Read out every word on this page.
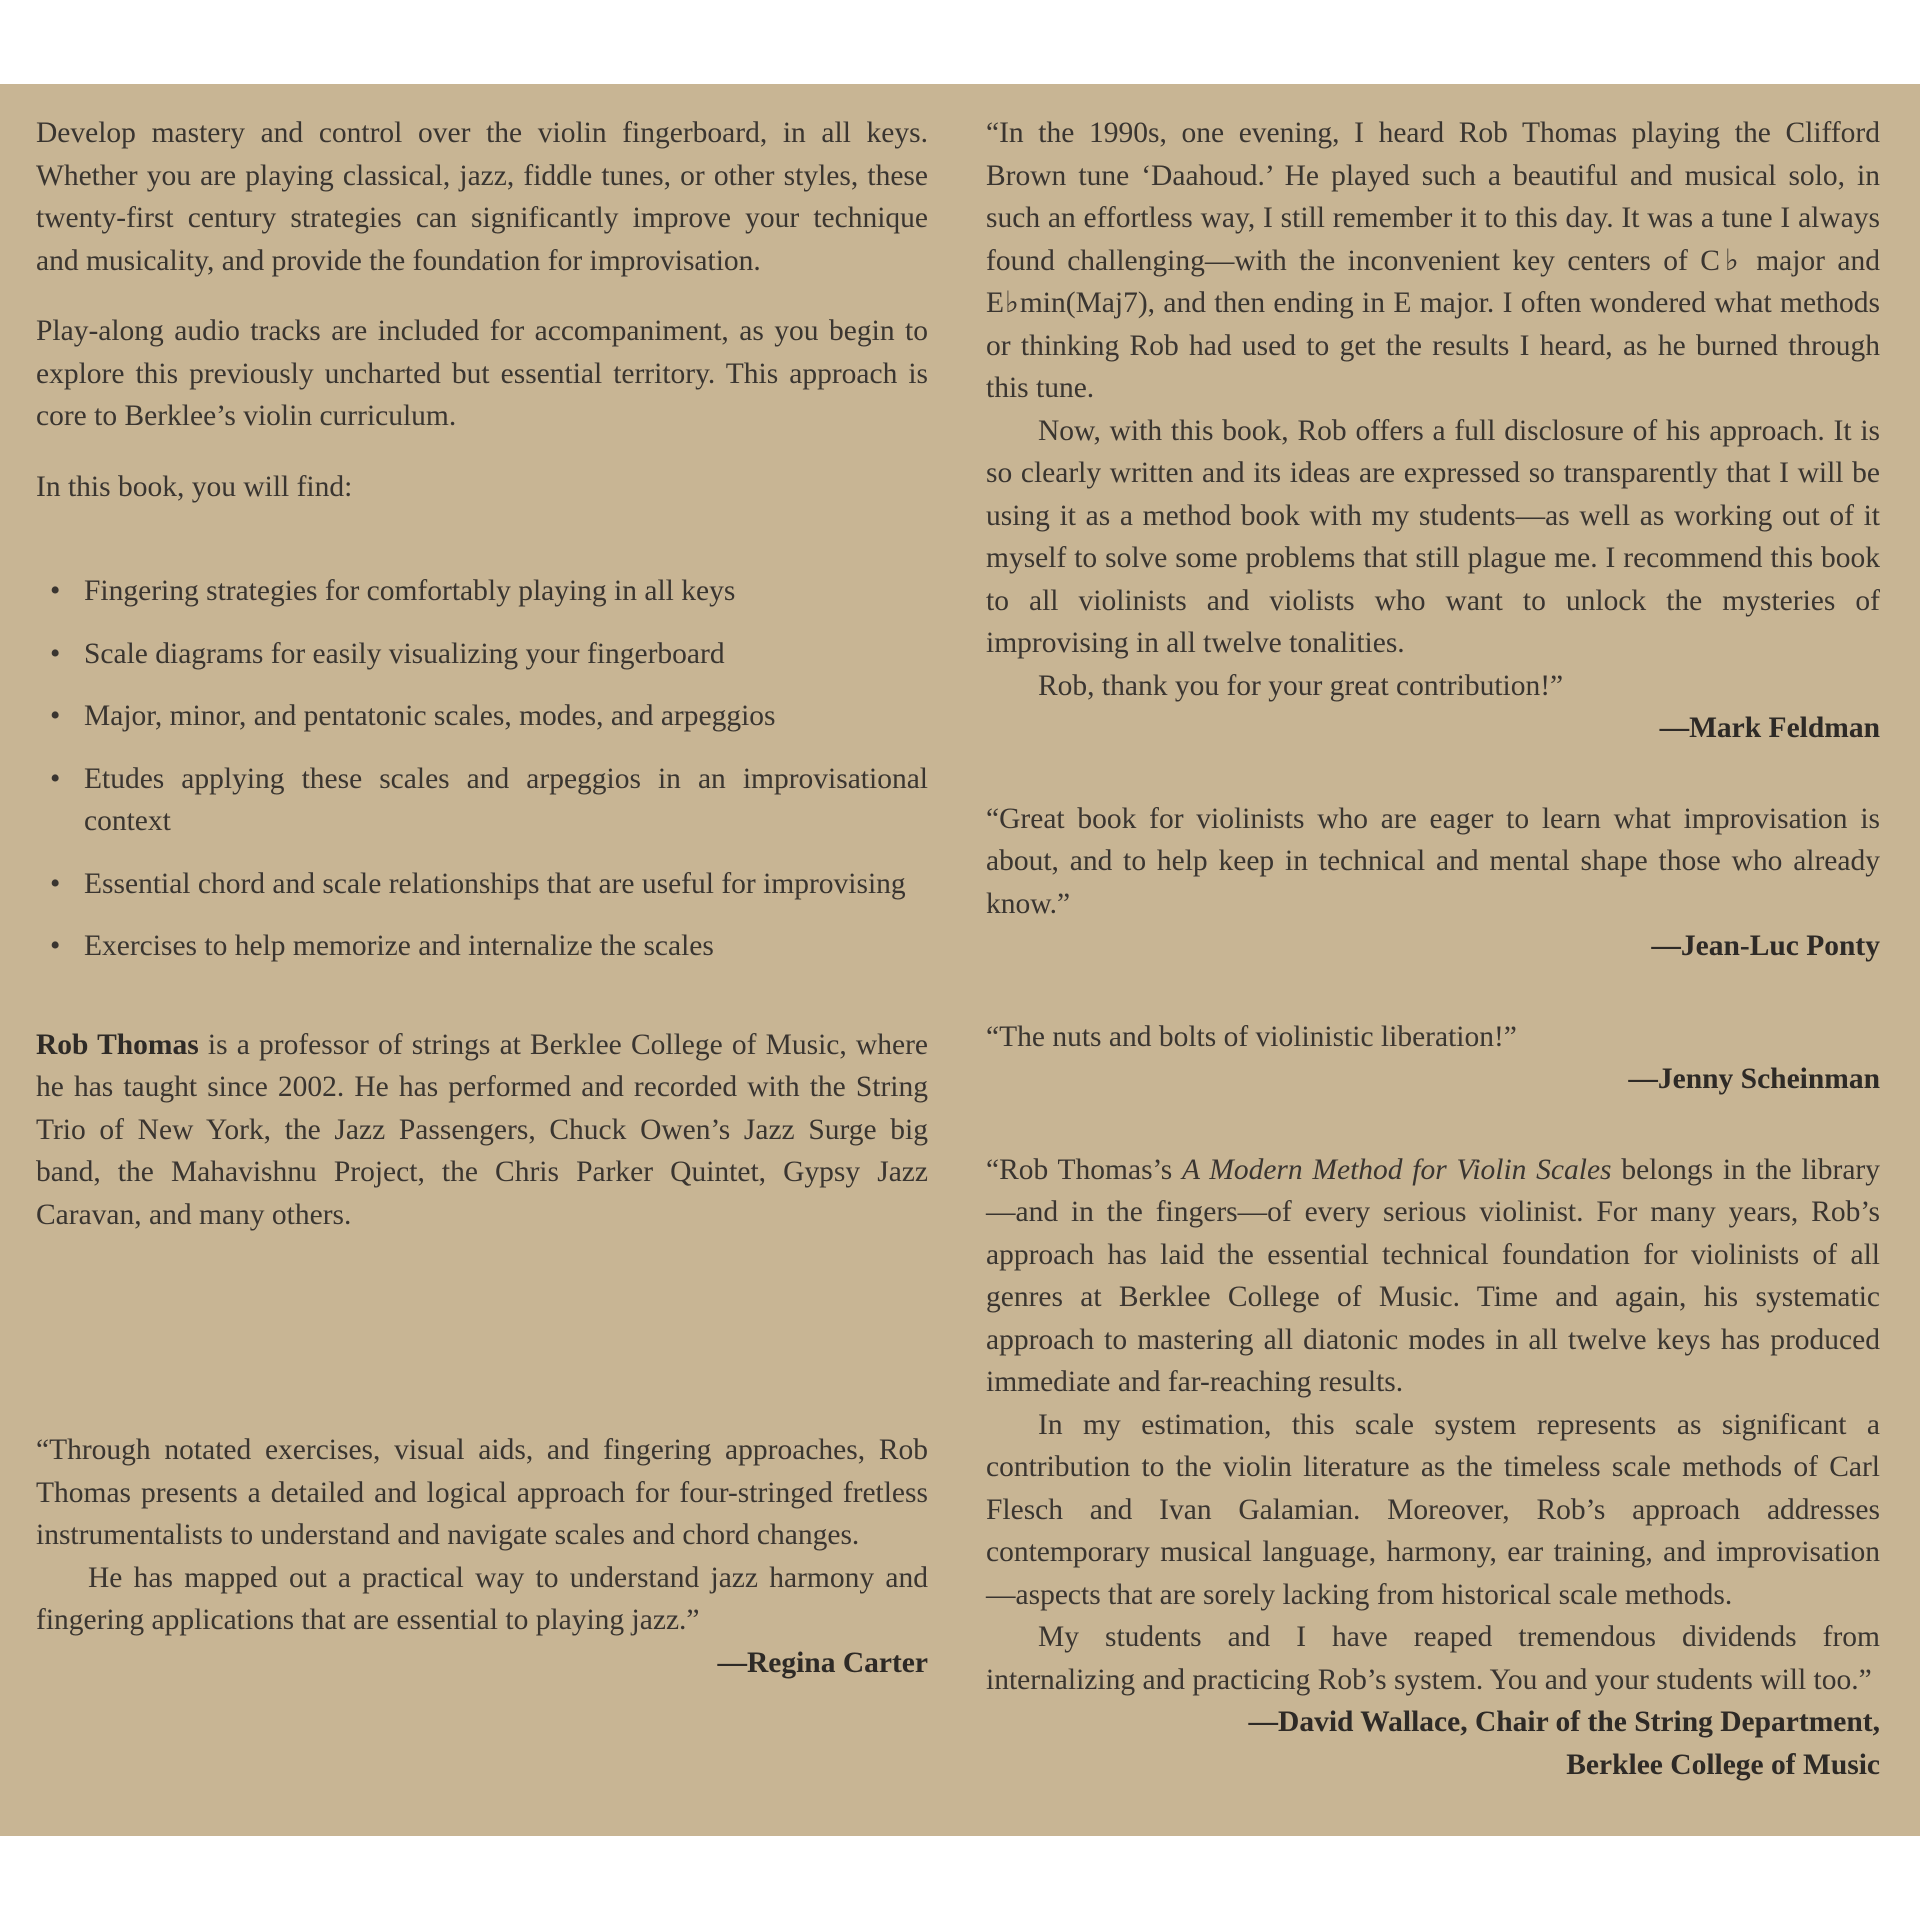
Develop mastery and control over the violin fingerboard, in all keys. Whether you are playing classical, jazz, fiddle tunes, or other styles, these twenty-first century strategies can significantly improve your technique and musicality, and provide the foundation for improvisation.

Play-along audio tracks are included for accompaniment, as you begin to explore this previously uncharted but essential territory. This approach is core to Berklee’s violin curriculum.

In this book, you will find:

• Fingering strategies for comfortably playing in all keys
• Scale diagrams for easily visualizing your fingerboard
• Major, minor, and pentatonic scales, modes, and arpeggios
• Etudes applying these scales and arpeggios in an improvisational context
• Essential chord and scale relationships that are useful for improvising
• Exercises to help memorize and internalize the scales

Rob Thomas is a professor of strings at Berklee College of Music, where he has taught since 2002. He has performed and recorded with the String Trio of New York, the Jazz Passengers, Chuck Owen’s Jazz Surge big band, the Mahavishnu Project, the Chris Parker Quintet, Gypsy Jazz Caravan, and many others.

“Through notated exercises, visual aids, and fingering approaches, Rob Thomas presents a detailed and logical approach for four-stringed fretless instrumentalists to understand and navigate scales and chord changes.

He has mapped out a practical way to understand jazz harmony and fingering applications that are essential to playing jazz.”

—Regina Carter

“In the 1990s, one evening, I heard Rob Thomas playing the Clifford Brown tune ‘Daahoud.’ He played such a beautiful and musical solo, in such an effortless way, I still remember it to this day. It was a tune I always found challenging—with the inconvenient key centers of C♭ major and E♭min(Maj7), and then ending in E major. I often wondered what methods or thinking Rob had used to get the results I heard, as he burned through this tune.

Now, with this book, Rob offers a full disclosure of his approach. It is so clearly written and its ideas are expressed so transparently that I will be using it as a method book with my students—as well as working out of it myself to solve some problems that still plague me. I recommend this book to all violinists and violists who want to unlock the mysteries of improvising in all twelve tonalities.

Rob, thank you for your great contribution!”

—Mark Feldman

“Great book for violinists who are eager to learn what improvisation is about, and to help keep in technical and mental shape those who already know.”

—Jean-Luc Ponty

“The nuts and bolts of violinistic liberation!”

—Jenny Scheinman

“Rob Thomas’s A Modern Method for Violin Scales belongs in the library—and in the fingers—of every serious violinist. For many years, Rob’s approach has laid the essential technical foundation for violinists of all genres at Berklee College of Music. Time and again, his systematic approach to mastering all diatonic modes in all twelve keys has produced immediate and far-reaching results.

In my estimation, this scale system represents as significant a contribution to the violin literature as the timeless scale methods of Carl Flesch and Ivan Galamian. Moreover, Rob’s approach addresses contemporary musical language, harmony, ear training, and improvisation—aspects that are sorely lacking from historical scale methods.

My students and I have reaped tremendous dividends from internalizing and practicing Rob’s system. You and your students will too.”

—David Wallace, Chair of the String Department,

Berklee College of Music
